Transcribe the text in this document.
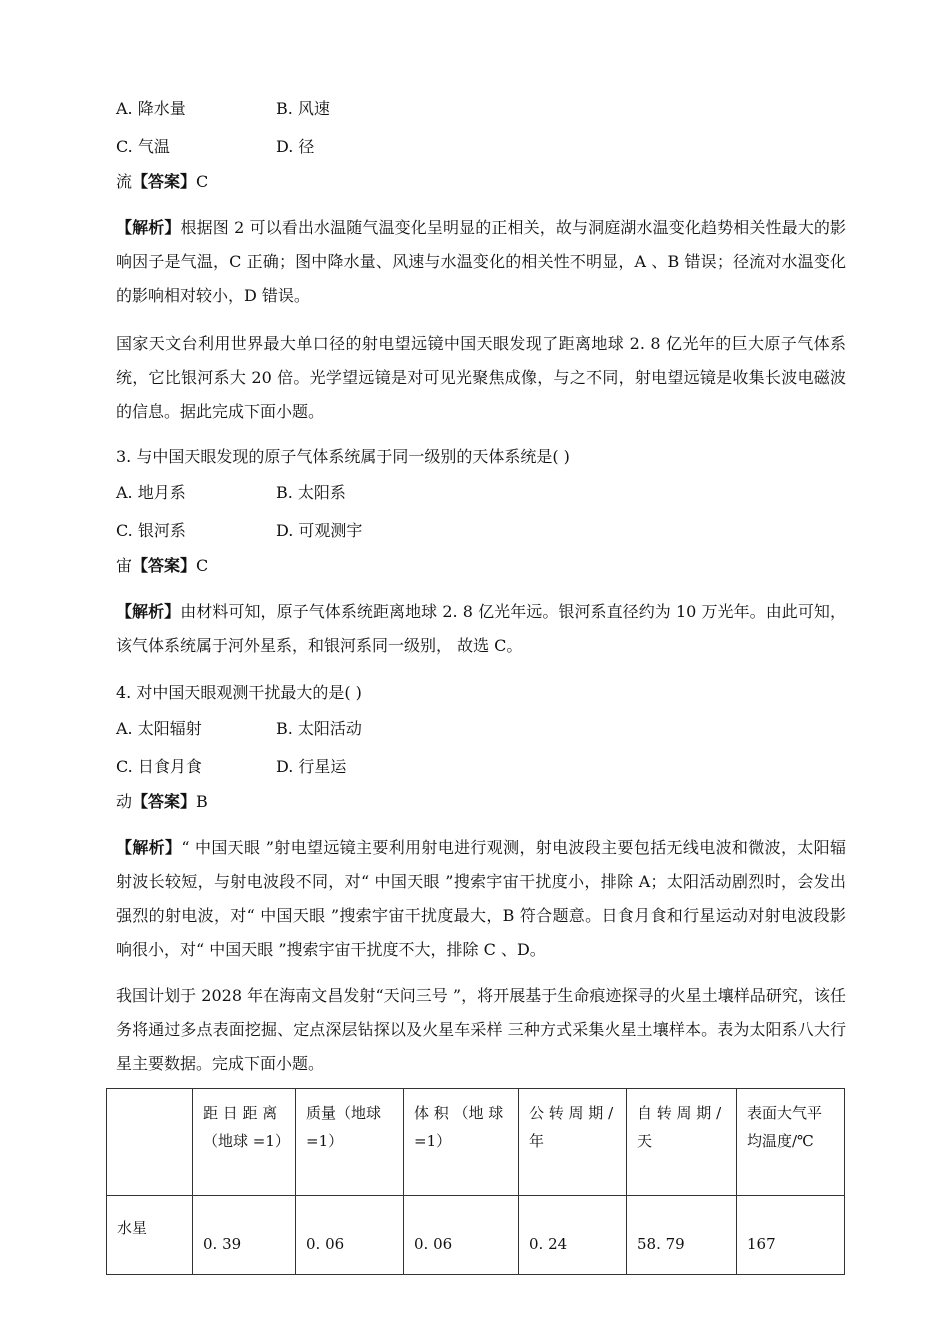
A. 降水量	B. 风速
C. 气温	D. 径
流【答案】C
【解析】根据图 2 可以看出水温随气温变化呈明显的正相关，故与洞庭湖水温变化趋势相关性最大的影响因子是气温，C 正确；图中降水量、风速与水温变化的相关性不明显，A 、B 错误；径流对水温变化的影响相对较小，D 错误。
国家天文台利用世界最大单口径的射电望远镜中国天眼发现了距离地球 2. 8 亿光年的巨大原子气体系统，它比银河系大 20 倍。光学望远镜是对可见光聚焦成像，与之不同，射电望远镜是收集长波电磁波的信息。据此完成下面小题。
3. 与中国天眼发现的原子气体系统属于同一级别的天体系统是( )
A. 地月系	B. 太阳系
C. 银河系	D. 可观测宇
宙【答案】C
【解析】由材料可知，原子气体系统距离地球 2. 8 亿光年远。银河系直径约为 10 万光年。由此可知，该气体系统属于河外星系，和银河系同一级别， 故选 C。
4. 对中国天眼观测干扰最大的是( )
A. 太阳辐射	B. 太阳活动
C. 日食月食	D. 行星运
动【答案】B
【解析】“ 中国天眼 ”射电望远镜主要利用射电进行观测，射电波段主要包括无线电波和微波，太阳辐射波长较短，与射电波段不同，对“ 中国天眼 ”搜索宇宙干扰度小，排除 A；太阳活动剧烈时，会发出强烈的射电波，对“ 中国天眼 ”搜索宇宙干扰度最大，B 符合题意。日食月食和行星运动对射电波段影响很小，对“ 中国天眼 ”搜索宇宙干扰度不大，排除 C 、D。
我国计划于 2028 年在海南文昌发射“天问三号 ”，将开展基于生命痕迹探寻的火星土壤样品研究，该任务将通过多点表面挖掘、定点深层钻探以及火星车采样 三种方式采集火星土壤样本。表为太阳系八大行星主要数据。完成下面小题。
	距 日 距 离（地球 =1）	质量（地球 =1）	体 积 （地 球 =1）	公 转 周 期 /年	自 转 周 期 /天	表面大气平均温度/℃
水星	0. 39	0. 06	0. 06	0. 24	58. 79	167
